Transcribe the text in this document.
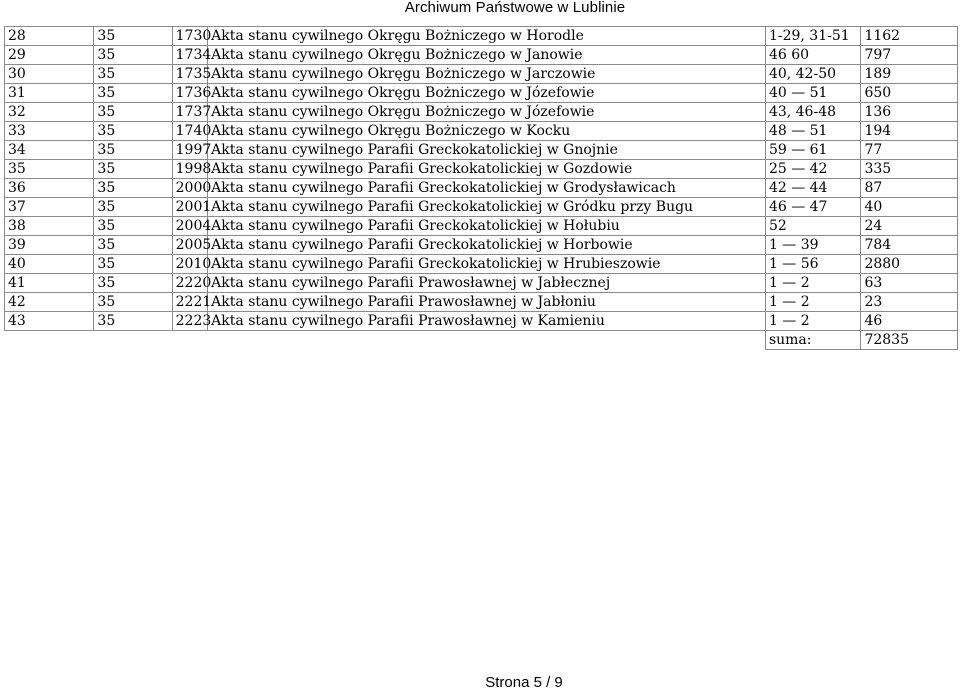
Archiwum Państwowe w Lublinie
28	35	1730	Akta stanu cywilnego Okręgu Bożniczego w Horodle	1-29, 31-51	1162
29	35	1734	Akta stanu cywilnego Okręgu Bożniczego w Janowie	46 60	797
30	35	1735	Akta stanu cywilnego Okręgu Bożniczego w Jarczowie	40, 42-50	189
31	35	1736	Akta stanu cywilnego Okręgu Bożniczego w Józefowie	40 — 51	650
32	35	1737	Akta stanu cywilnego Okręgu Bożniczego w Józefowie	43, 46-48	136
33	35	1740	Akta stanu cywilnego Okręgu Bożniczego w Kocku	48 — 51	194
34	35	1997	Akta stanu cywilnego Parafii Greckokatolickiej w Gnojnie	59 — 61	77
35	35	1998	Akta stanu cywilnego Parafii Greckokatolickiej w Gozdowie	25 — 42	335
36	35	2000	Akta stanu cywilnego Parafii Greckokatolickiej w Grodysławicach	42 — 44	87
37	35	2001	Akta stanu cywilnego Parafii Greckokatolickiej w Gródku przy Bugu	46 — 47	40
38	35	2004	Akta stanu cywilnego Parafii Greckokatolickiej w Hołubiu	52	24
39	35	2005	Akta stanu cywilnego Parafii Greckokatolickiej w Horbowie	1 — 39	784
40	35	2010	Akta stanu cywilnego Parafii Greckokatolickiej w Hrubieszowie	1 — 56	2880
41	35	2220	Akta stanu cywilnego Parafii Prawosławnej w Jabłecznej	1 — 2	63
42	35	2221	Akta stanu cywilnego Parafii Prawosławnej w Jabłoniu	1 — 2	23
43	35	2223	Akta stanu cywilnego Parafii Prawosławnej w Kamieniu	1 — 2	46
				suma:	72835
Strona 5 / 9
